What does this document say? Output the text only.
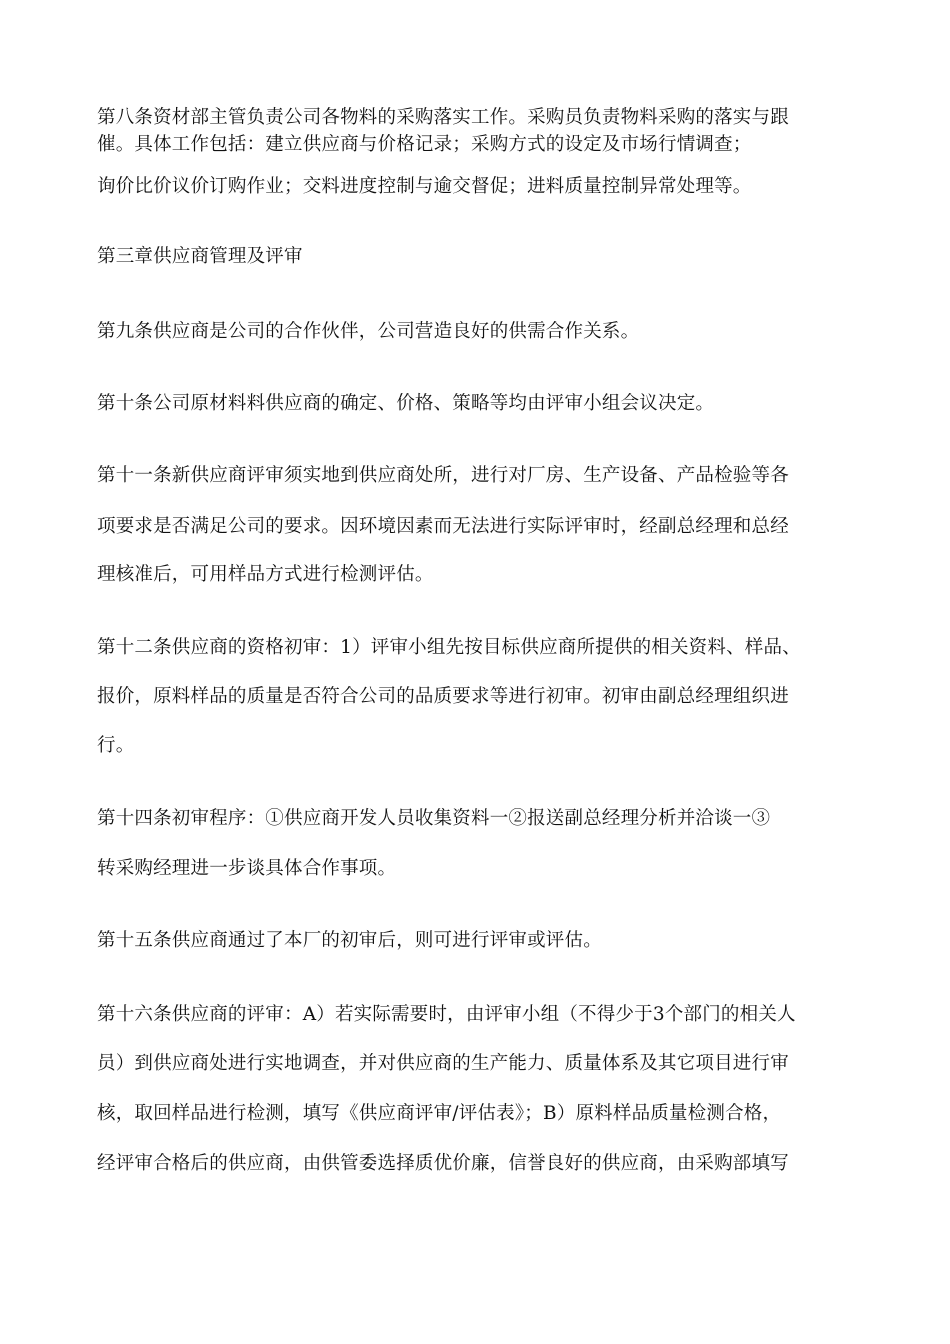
第八条资材部主管负责公司各物料的采购落实工作。采购员负责物料采购的落实与跟

催。具体工作包括：建立供应商与价格记录；采购方式的设定及市场行情调查；

询价比价议价订购作业；交料进度控制与逾交督促；进料质量控制异常处理等。

第三章供应商管理及评审

第九条供应商是公司的合作伙伴，公司营造良好的供需合作关系。

第十条公司原材料料供应商的确定、价格、策略等均由评审小组会议决定。

第十一条新供应商评审须实地到供应商处所，进行对厂房、生产设备、产品检验等各

项要求是否满足公司的要求。因环境因素而无法进行实际评审时，经副总经理和总经

理核准后，可用样品方式进行检测评估。

第十二条供应商的资格初审：1）评审小组先按目标供应商所提供的相关资料、样品、

报价，原料样品的质量是否符合公司的品质要求等进行初审。初审由副总经理组织进

行。

第十四条初审程序：①供应商开发人员收集资料一②报送副总经理分析并洽谈一③

转采购经理进一步谈具体合作事项。

第十五条供应商通过了本厂的初审后，则可进行评审或评估。

第十六条供应商的评审：A）若实际需要时，由评审小组（不得少于3个部门的相关人

员）到供应商处进行实地调查，并对供应商的生产能力、质量体系及其它项目进行审

核，取回样品进行检测，填写《供应商评审/评估表》；B）原料样品质量检测合格，

经评审合格后的供应商，由供管委选择质优价廉，信誉良好的供应商，由采购部填写
